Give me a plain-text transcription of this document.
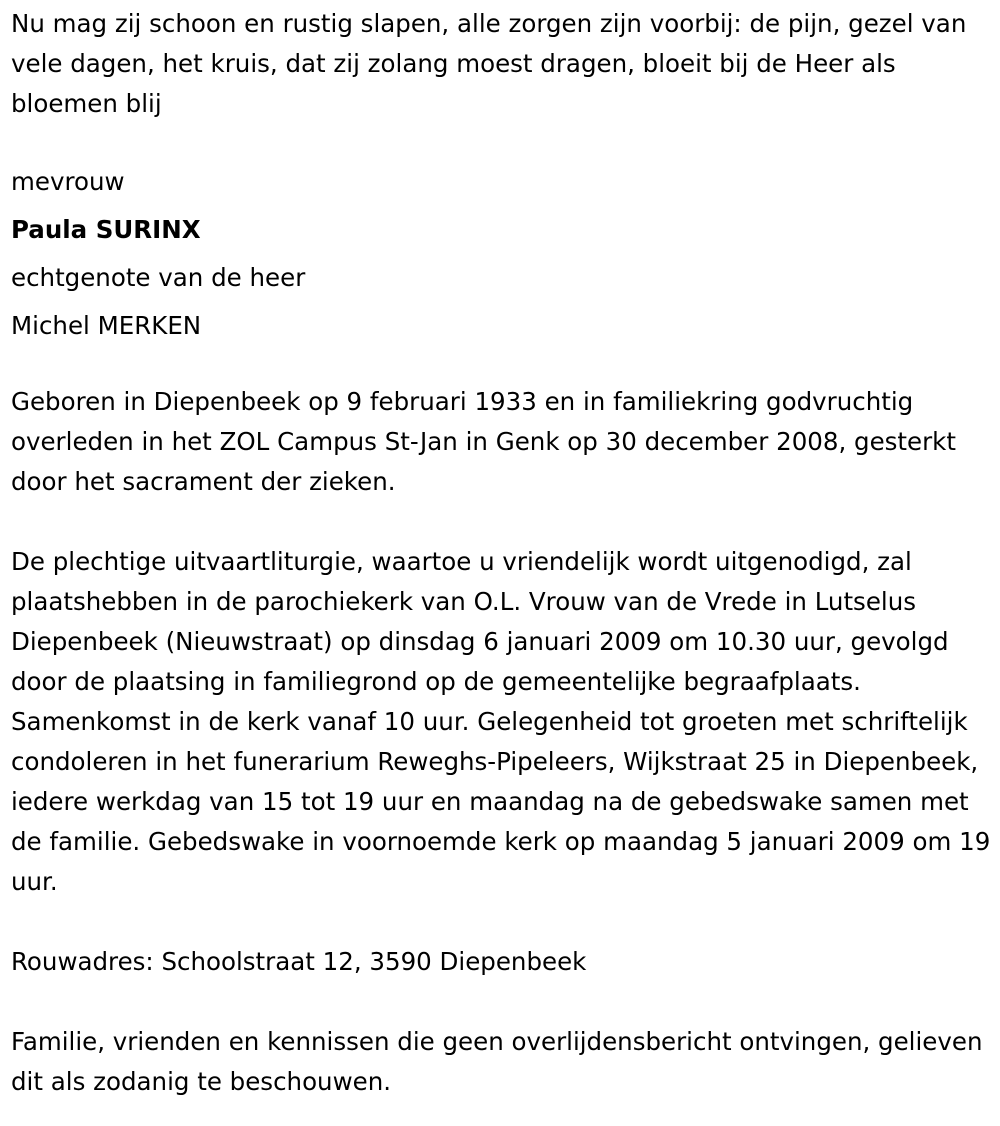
Nu mag zij schoon en rustig slapen, alle zorgen zijn voorbij: de pijn, gezel van vele dagen, het kruis, dat zij zolang moest dragen, bloeit bij de Heer als bloemen blij

mevrouw

Paula SURINX

echtgenote van de heer

Michel MERKEN

Geboren in Diepenbeek op 9 februari 1933 en in familiekring godvruchtig overleden in het ZOL Campus St-Jan in Genk op 30 december 2008, gesterkt door het sacrament der zieken.

De plechtige uitvaartliturgie, waartoe u vriendelijk wordt uitgenodigd, zal plaatshebben in de parochiekerk van O.L. Vrouw van de Vrede in Lutselus Diepenbeek (Nieuwstraat) op dinsdag 6 januari 2009 om 10.30 uur, gevolgd door de plaatsing in familiegrond op de gemeentelijke begraafplaats. Samenkomst in de kerk vanaf 10 uur. Gelegenheid tot groeten met schriftelijk condoleren in het funerarium Reweghs-Pipeleers, Wijkstraat 25 in Diepenbeek, iedere werkdag van 15 tot 19 uur en maandag na de gebedswake samen met de familie. Gebedswake in voornoemde kerk op maandag 5 januari 2009 om 19 uur.

Rouwadres: Schoolstraat 12, 3590 Diepenbeek

Familie, vrienden en kennissen die geen overlijdensbericht ontvingen, gelieven dit als zodanig te beschouwen.
